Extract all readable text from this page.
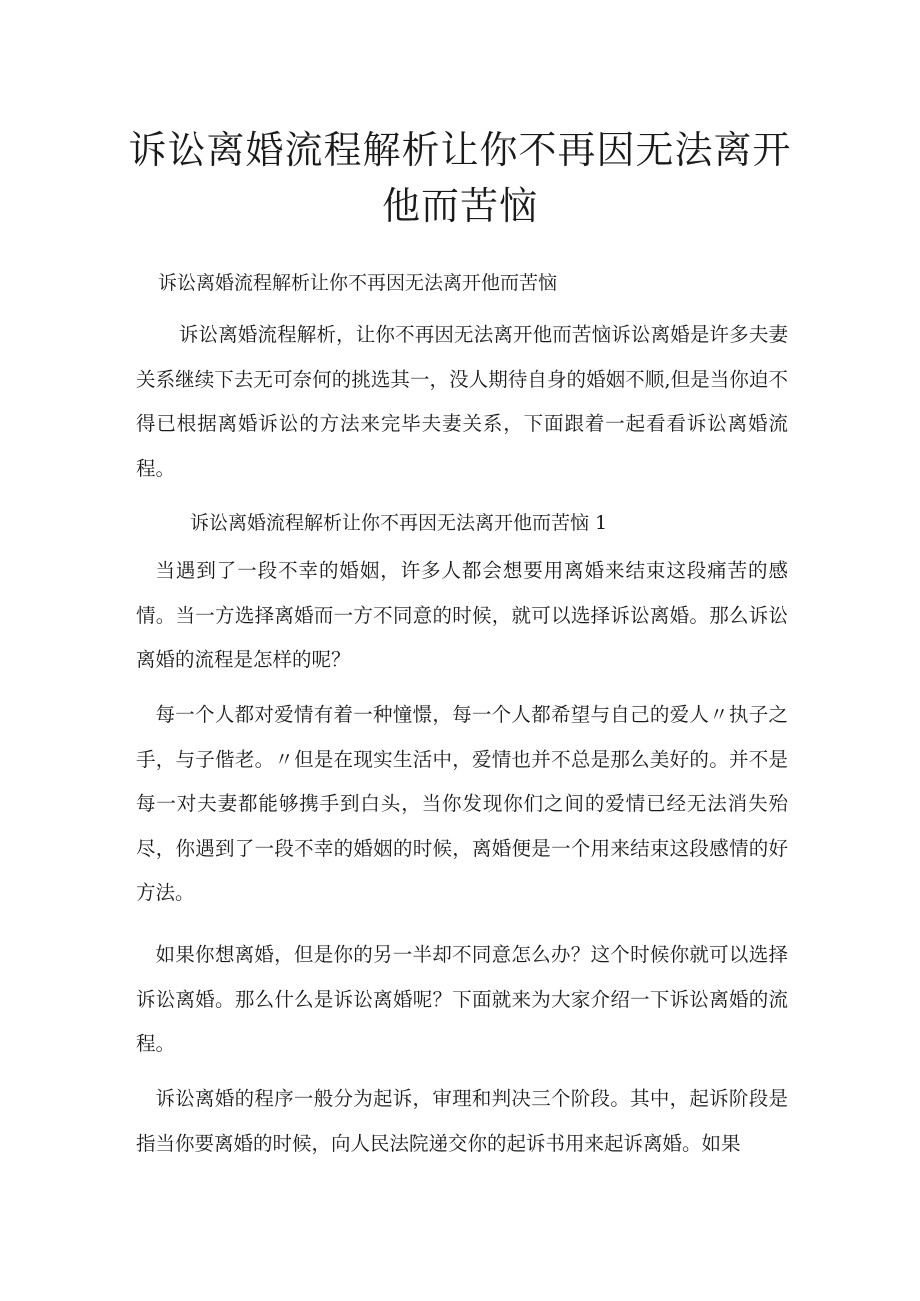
诉讼离婚流程解析让你不再因无法离开他而苦恼

诉讼离婚流程解析让你不再因无法离开他而苦恼

诉讼离婚流程解析，让你不再因无法离开他而苦恼诉讼离婚是许多夫妻关系继续下去无可奈何的挑选其一，没人期待自身的婚姻不顺,但是当你迫不得已根据离婚诉讼的方法来完毕夫妻关系，下面跟着一起看看诉讼离婚流程。

诉讼离婚流程解析让你不再因无法离开他而苦恼 1

当遇到了一段不幸的婚姻，许多人都会想要用离婚来结束这段痛苦的感情。当一方选择离婚而一方不同意的时候，就可以选择诉讼离婚。那么诉讼离婚的流程是怎样的呢？

每一个人都对爱情有着一种憧憬，每一个人都希望与自己的爱人〃执子之手，与子偕老。〃但是在现实生活中，爱情也并不总是那么美好的。并不是每一对夫妻都能够携手到白头，当你发现你们之间的爱情已经无法消失殆尽，你遇到了一段不幸的婚姻的时候，离婚便是一个用来结束这段感情的好方法。

如果你想离婚，但是你的另一半却不同意怎么办？这个时候你就可以选择诉讼离婚。那么什么是诉讼离婚呢？下面就来为大家介绍一下诉讼离婚的流程。

诉讼离婚的程序一般分为起诉，审理和判决三个阶段。其中，起诉阶段是指当你要离婚的时候，向人民法院递交你的起诉书用来起诉离婚。如果
